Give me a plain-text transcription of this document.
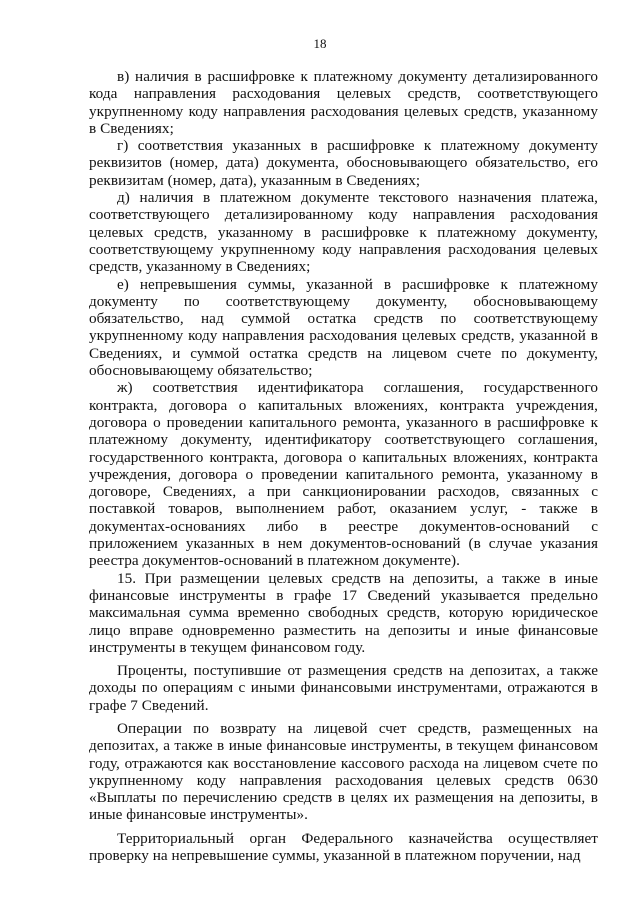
18

в) наличия в расшифровке к платежному документу детализированного кода направления расходования целевых средств, соответствующего укрупненному коду направления расходования целевых средств, указанному в Сведениях;

г) соответствия указанных в расшифровке к платежному документу реквизитов (номер, дата) документа, обосновывающего обязательство, его реквизитам (номер, дата), указанным в Сведениях;

д) наличия в платежном документе текстового назначения платежа, соответствующего детализированному коду направления расходования целевых средств, указанному в расшифровке к платежному документу, соответствующему укрупненному коду направления расходования целевых средств, указанному в Сведениях;

е) непревышения суммы, указанной в расшифровке к платежному документу по соответствующему документу, обосновывающему обязательство, над суммой остатка средств по соответствующему укрупненному коду направления расходования целевых средств, указанной в Сведениях, и суммой остатка средств на лицевом счете по документу, обосновывающему обязательство;

ж) соответствия идентификатора соглашения, государственного контракта, договора о капитальных вложениях, контракта учреждения, договора о проведении капитального ремонта, указанного в расшифровке к платежному документу, идентификатору соответствующего соглашения, государственного контракта, договора о капитальных вложениях, контракта учреждения, договора о проведении капитального ремонта, указанному в договоре, Сведениях, а при санкционировании расходов, связанных с поставкой товаров, выполнением работ, оказанием услуг, - также в документах-основаниях либо в реестре документов-оснований с приложением указанных в нем документов-оснований (в случае указания реестра документов-оснований в платежном документе).

15. При размещении целевых средств на депозиты, а также в иные финансовые инструменты в графе 17 Сведений указывается предельно максимальная сумма временно свободных средств, которую юридическое лицо вправе одновременно разместить на депозиты и иные финансовые инструменты в текущем финансовом году.

Проценты, поступившие от размещения средств на депозитах, а также доходы по операциям с иными финансовыми инструментами, отражаются в графе 7 Сведений.

Операции по возврату на лицевой счет средств, размещенных на депозитах, а также в иные финансовые инструменты, в текущем финансовом году, отражаются как восстановление кассового расхода на лицевом счете по укрупненному коду направления расходования целевых средств 0630 «Выплаты по перечислению средств в целях их размещения на депозиты, в иные финансовые инструменты».

Территориальный орган Федерального казначейства осуществляет проверку на непревышение суммы, указанной в платежном поручении, над
